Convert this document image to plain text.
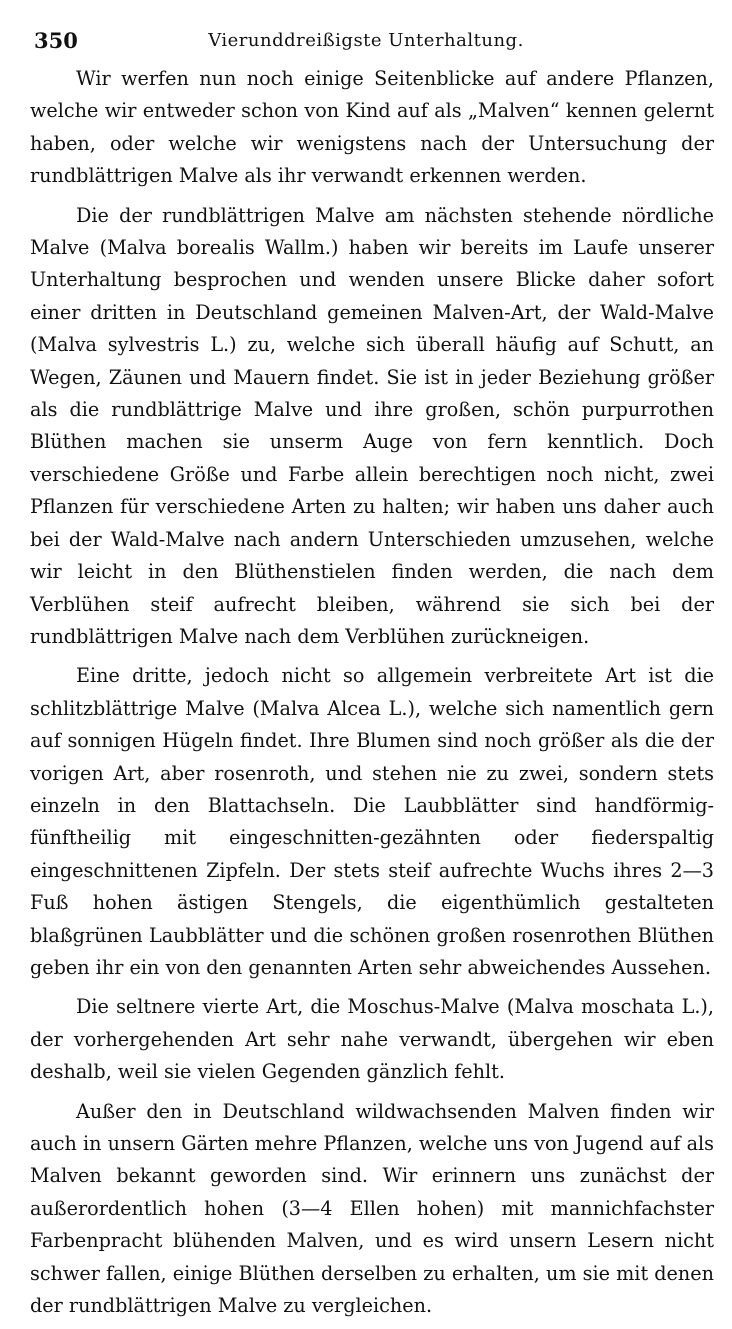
350	Vierunddreißigste Unterhaltung.

Wir werfen nun noch einige Seitenblicke auf andere Pflanzen, welche wir entweder schon von Kind auf als „Malven“ kennen gelernt haben, oder welche wir wenigstens nach der Untersuchung der rundblättrigen Malve als ihr verwandt erkennen werden.

Die der rundblättrigen Malve am nächsten stehende nördliche Malve (Malva borealis Wallm.) haben wir bereits im Laufe unserer Unterhaltung besprochen und wenden unsere Blicke daher sofort einer dritten in Deutschland gemeinen Malven-Art, der Wald-Malve (Malva sylvestris L.) zu, welche sich überall häufig auf Schutt, an Wegen, Zäunen und Mauern findet. Sie ist in jeder Beziehung größer als die rundblättrige Malve und ihre großen, schön purpurrothen Blüthen machen sie unserm Auge von fern kenntlich. Doch verschiedene Größe und Farbe allein berechtigen noch nicht, zwei Pflanzen für verschiedene Arten zu halten; wir haben uns daher auch bei der Wald-Malve nach andern Unterschieden umzusehen, welche wir leicht in den Blüthenstielen finden werden, die nach dem Verblühen steif aufrecht bleiben, während sie sich bei der rundblättrigen Malve nach dem Verblühen zurückneigen.

Eine dritte, jedoch nicht so allgemein verbreitete Art ist die schlitzblättrige Malve (Malva Alcea L.), welche sich namentlich gern auf sonnigen Hügeln findet. Ihre Blumen sind noch größer als die der vorigen Art, aber rosenroth, und stehen nie zu zwei, sondern stets einzeln in den Blattachseln. Die Laubblätter sind handförmig-fünftheilig mit eingeschnitten-gezähnten oder fiederspaltig eingeschnittenen Zipfeln. Der stets steif aufrechte Wuchs ihres 2—3 Fuß hohen ästigen Stengels, die eigenthümlich gestalteten blaßgrünen Laubblätter und die schönen großen rosenrothen Blüthen geben ihr ein von den genannten Arten sehr abweichendes Aussehen.

Die seltnere vierte Art, die Moschus-Malve (Malva moschata L.), der vorhergehenden Art sehr nahe verwandt, übergehen wir eben deshalb, weil sie vielen Gegenden gänzlich fehlt.

Außer den in Deutschland wildwachsenden Malven finden wir auch in unsern Gärten mehre Pflanzen, welche uns von Jugend auf als Malven bekannt geworden sind. Wir erinnern uns zunächst der außerordentlich hohen (3—4 Ellen hohen) mit mannichfachster Farbenpracht blühenden Malven, und es wird unsern Lesern nicht schwer fallen, einige Blüthen derselben zu erhalten, um sie mit denen der rundblättrigen Malve zu vergleichen.
